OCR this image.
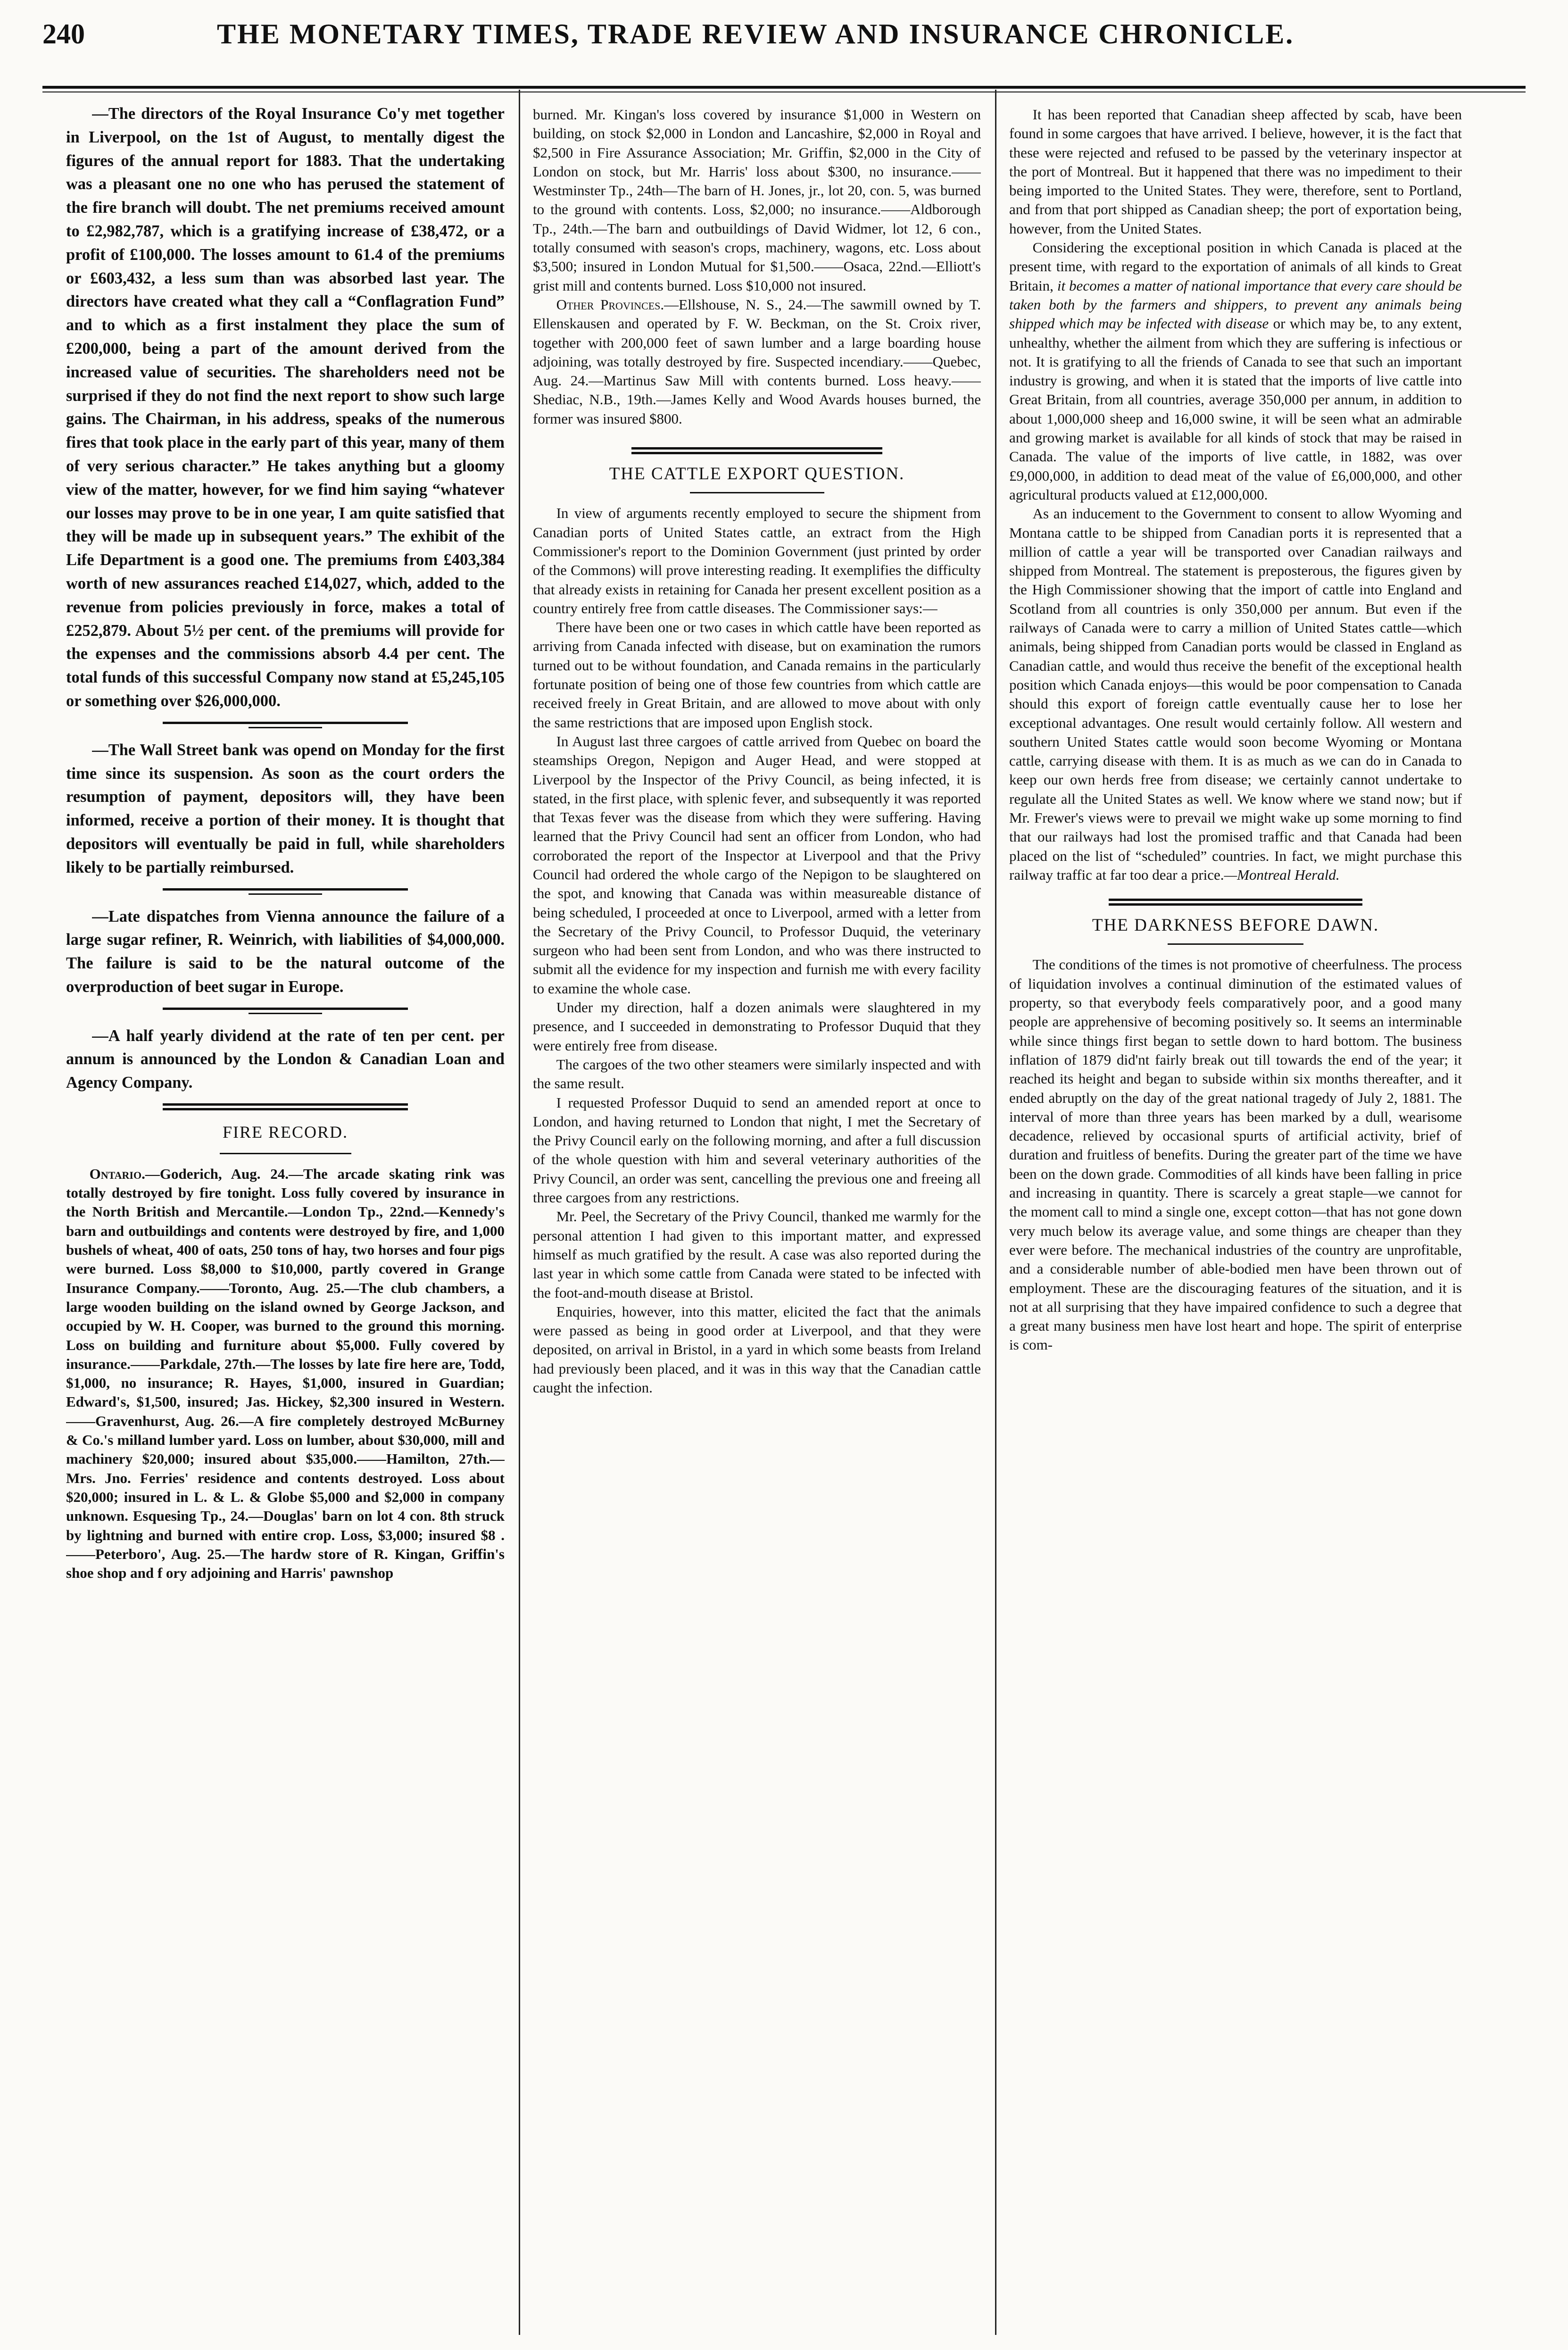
240	THE MONETARY TIMES, TRADE REVIEW AND INSURANCE CHRONICLE.

—The directors of the Royal Insurance Co'y met together in Liverpool, on the 1st of August, to mentally digest the figures of the annual report for 1883. That the undertaking was a pleasant one no one who has perused the statement of the fire branch will doubt. The net premiums received amount to £2,982,787, which is a gratifying increase of £38,472, or a profit of £100,000. The losses amount to 61.4 of the premiums or £603,432, a less sum than was absorbed last year. The directors have created what they call a “Conflagration Fund” and to which as a first instalment they place the sum of £200,000, being a part of the amount derived from the increased value of securities. The shareholders need not be surprised if they do not find the next report to show such large gains. The Chairman, in his address, speaks of the numerous fires that took place in the early part of this year, many of them of very serious character.” He takes anything but a gloomy view of the matter, however, for we find him saying “whatever our losses may prove to be in one year, I am quite satisfied that they will be made up in subsequent years.” The exhibit of the Life Department is a good one. The premiums from £403,384 worth of new assurances reached £14,027, which, added to the revenue from policies previously in force, makes a total of £252,879. About 5½ per cent. of the premiums will provide for the expenses and the commissions absorb 4.4 per cent. The total funds of this successful Company now stand at £5,245,105 or something over $26,000,000.

—The Wall Street bank was opend on Monday for the first time since its suspension. As soon as the court orders the resumption of payment, depositors will, they have been informed, receive a portion of their money. It is thought that depositors will eventually be paid in full, while shareholders likely to be partially reimbursed.

—Late dispatches from Vienna announce the failure of a large sugar refiner, R. Weinrich, with liabilities of $4,000,000. The failure is said to be the natural outcome of the overproduction of beet sugar in Europe.

—A half yearly dividend at the rate of ten per cent. per annum is announced by the London & Canadian Loan and Agency Company.

FIRE RECORD.

Ontario.—Goderich, Aug. 24.—The arcade skating rink was totally destroyed by fire tonight. Loss fully covered by insurance in the North British and Mercantile.—London Tp., 22nd.—Kennedy's barn and outbuildings and contents were destroyed by fire, and 1,000 bushels of wheat, 400 of oats, 250 tons of hay, two horses and four pigs were burned. Loss $8,000 to $10,000, partly covered in Grange Insurance Company.——Toronto, Aug. 25.—The club chambers, a large wooden building on the island owned by George Jackson, and occupied by W. H. Cooper, was burned to the ground this morning. Loss on building and furniture about $5,000. Fully covered by insurance.——Parkdale, 27th.—The losses by late fire here are, Todd, $1,000, no insurance; R. Hayes, $1,000, insured in Guardian; Edward's, $1,500, insured; Jas. Hickey, $2,300 insured in Western.——Gravenhurst, Aug. 26.—A fire completely destroyed McBurney & Co.'s milland lumber yard. Loss on lumber, about $30,000, mill and machinery $20,000; insured about $35,000.——Hamilton, 27th.—Mrs. Jno. Ferries' residence and contents destroyed. Loss about $20,000; insured in L. & L. & Globe $5,000 and $2,000 in company unknown. Esquesing Tp., 24.—Douglas' barn on lot 4 con. 8th struck by lightning and burned with entire crop. Loss, $3,000; insured $8 .——Peterboro', Aug. 25.—The hardw store of R. Kingan, Griffin's shoe shop and f ory adjoining and Harris' pawnshop

burned. Mr. Kingan's loss covered by insurance $1,000 in Western on building, on stock $2,000 in London and Lancashire, $2,000 in Royal and $2,500 in Fire Assurance Association; Mr. Griffin, $2,000 in the City of London on stock, but Mr. Harris' loss about $300, no insurance.——Westminster Tp., 24th—The barn of H. Jones, jr., lot 20, con. 5, was burned to the ground with contents. Loss, $2,000; no insurance.——Aldborough Tp., 24th.—The barn and outbuildings of David Widmer, lot 12, 6 con., totally consumed with season's crops, machinery, wagons, etc. Loss about $3,500; insured in London Mutual for $1,500.——Osaca, 22nd.—Elliott's grist mill and contents burned. Loss $10,000 not insured.

Other Provinces.—Ellshouse, N. S., 24.—The sawmill owned by T. Ellenskausen and operated by F. W. Beckman, on the St. Croix river, together with 200,000 feet of sawn lumber and a large boarding house adjoining, was totally destroyed by fire. Suspected incendiary.——Quebec, Aug. 24.—Martinus Saw Mill with contents burned. Loss heavy.——Shediac, N.B., 19th.—James Kelly and Wood Avards houses burned, the former was insured $800.

THE CATTLE EXPORT QUESTION.

In view of arguments recently employed to secure the shipment from Canadian ports of United States cattle, an extract from the High Commissioner's report to the Dominion Government (just printed by order of the Commons) will prove interesting reading. It exemplifies the difficulty that already exists in retaining for Canada her present excellent position as a country entirely free from cattle diseases. The Commissioner says:—

There have been one or two cases in which cattle have been reported as arriving from Canada infected with disease, but on examination the rumors turned out to be without foundation, and Canada remains in the particularly fortunate position of being one of those few countries from which cattle are received freely in Great Britain, and are allowed to move about with only the same restrictions that are imposed upon English stock.

In August last three cargoes of cattle arrived from Quebec on board the steamships Oregon, Nepigon and Auger Head, and were stopped at Liverpool by the Inspector of the Privy Council, as being infected, it is stated, in the first place, with splenic fever, and subsequently it was reported that Texas fever was the disease from which they were suffering. Having learned that the Privy Council had sent an officer from London, who had corroborated the report of the Inspector at Liverpool and that the Privy Council had ordered the whole cargo of the Nepigon to be slaughtered on the spot, and knowing that Canada was within measureable distance of being scheduled, I proceeded at once to Liverpool, armed with a letter from the Secretary of the Privy Council, to Professor Duquid, the veterinary surgeon who had been sent from London, and who was there instructed to submit all the evidence for my inspection and furnish me with every facility to examine the whole case.

Under my direction, half a dozen animals were slaughtered in my presence, and I succeeded in demonstrating to Professor Duquid that they were entirely free from disease.

The cargoes of the two other steamers were similarly inspected and with the same result.

I requested Professor Duquid to send an amended report at once to London, and having returned to London that night, I met the Secretary of the Privy Council early on the following morning, and after a full discussion of the whole question with him and several veterinary authorities of the Privy Council, an order was sent, cancelling the previous one and freeing all three cargoes from any restrictions.

Mr. Peel, the Secretary of the Privy Council, thanked me warmly for the personal attention I had given to this important matter, and expressed himself as much gratified by the result. A case was also reported during the last year in which some cattle from Canada were stated to be infected with the foot-and-mouth disease at Bristol.

Enquiries, however, into this matter, elicited the fact that the animals were passed as being in good order at Liverpool, and that they were deposited, on arrival in Bristol, in a yard in which some beasts from Ireland had previously been placed, and it was in this way that the Canadian cattle caught the infection.

It has been reported that Canadian sheep affected by scab, have been found in some cargoes that have arrived. I believe, however, it is the fact that these were rejected and refused to be passed by the veterinary inspector at the port of Montreal. But it happened that there was no impediment to their being imported to the United States. They were, therefore, sent to Portland, and from that port shipped as Canadian sheep; the port of exportation being, however, from the United States.

Considering the exceptional position in which Canada is placed at the present time, with regard to the exportation of animals of all kinds to Great Britain, it becomes a matter of national importance that every care should be taken both by the farmers and shippers, to prevent any animals being shipped which may be infected with disease or which may be, to any extent, unhealthy, whether the ailment from which they are suffering is infectious or not. It is gratifying to all the friends of Canada to see that such an important industry is growing, and when it is stated that the imports of live cattle into Great Britain, from all countries, average 350,000 per annum, in addition to about 1,000,000 sheep and 16,000 swine, it will be seen what an admirable and growing market is available for all kinds of stock that may be raised in Canada. The value of the imports of live cattle, in 1882, was over £9,000,000, in addition to dead meat of the value of £6,000,000, and other agricultural products valued at £12,000,000.

As an inducement to the Government to consent to allow Wyoming and Montana cattle to be shipped from Canadian ports it is represented that a million of cattle a year will be transported over Canadian railways and shipped from Montreal. The statement is preposterous, the figures given by the High Commissioner showing that the import of cattle into England and Scotland from all countries is only 350,000 per annum. But even if the railways of Canada were to carry a million of United States cattle—which animals, being shipped from Canadian ports would be classed in England as Canadian cattle, and would thus receive the benefit of the exceptional health position which Canada enjoys—this would be poor compensation to Canada should this export of foreign cattle eventually cause her to lose her exceptional advantages. One result would certainly follow. All western and southern United States cattle would soon become Wyoming or Montana cattle, carrying disease with them. It is as much as we can do in Canada to keep our own herds free from disease; we certainly cannot undertake to regulate all the United States as well. We know where we stand now; but if Mr. Frewer's views were to prevail we might wake up some morning to find that our railways had lost the promised traffic and that Canada had been placed on the list of “scheduled” countries. In fact, we might purchase this railway traffic at far too dear a price.—Montreal Herald.

THE DARKNESS BEFORE DAWN.

The conditions of the times is not promotive of cheerfulness. The process of liquidation involves a continual diminution of the estimated values of property, so that everybody feels comparatively poor, and a good many people are apprehensive of becoming positively so. It seems an interminable while since things first began to settle down to hard bottom. The business inflation of 1879 did'nt fairly break out till towards the end of the year; it reached its height and began to subside within six months thereafter, and it ended abruptly on the day of the great national tragedy of July 2, 1881. The interval of more than three years has been marked by a dull, wearisome decadence, relieved by occasional spurts of artificial activity, brief of duration and fruitless of benefits. During the greater part of the time we have been on the down grade. Commodities of all kinds have been falling in price and increasing in quantity. There is scarcely a great staple—we cannot for the moment call to mind a single one, except cotton—that has not gone down very much below its average value, and some things are cheaper than they ever were before. The mechanical industries of the country are unprofitable, and a considerable number of able-bodied men have been thrown out of employment. These are the discouraging features of the situation, and it is not at all surprising that they have impaired confidence to such a degree that a great many business men have lost heart and hope. The spirit of enterprise is com-
